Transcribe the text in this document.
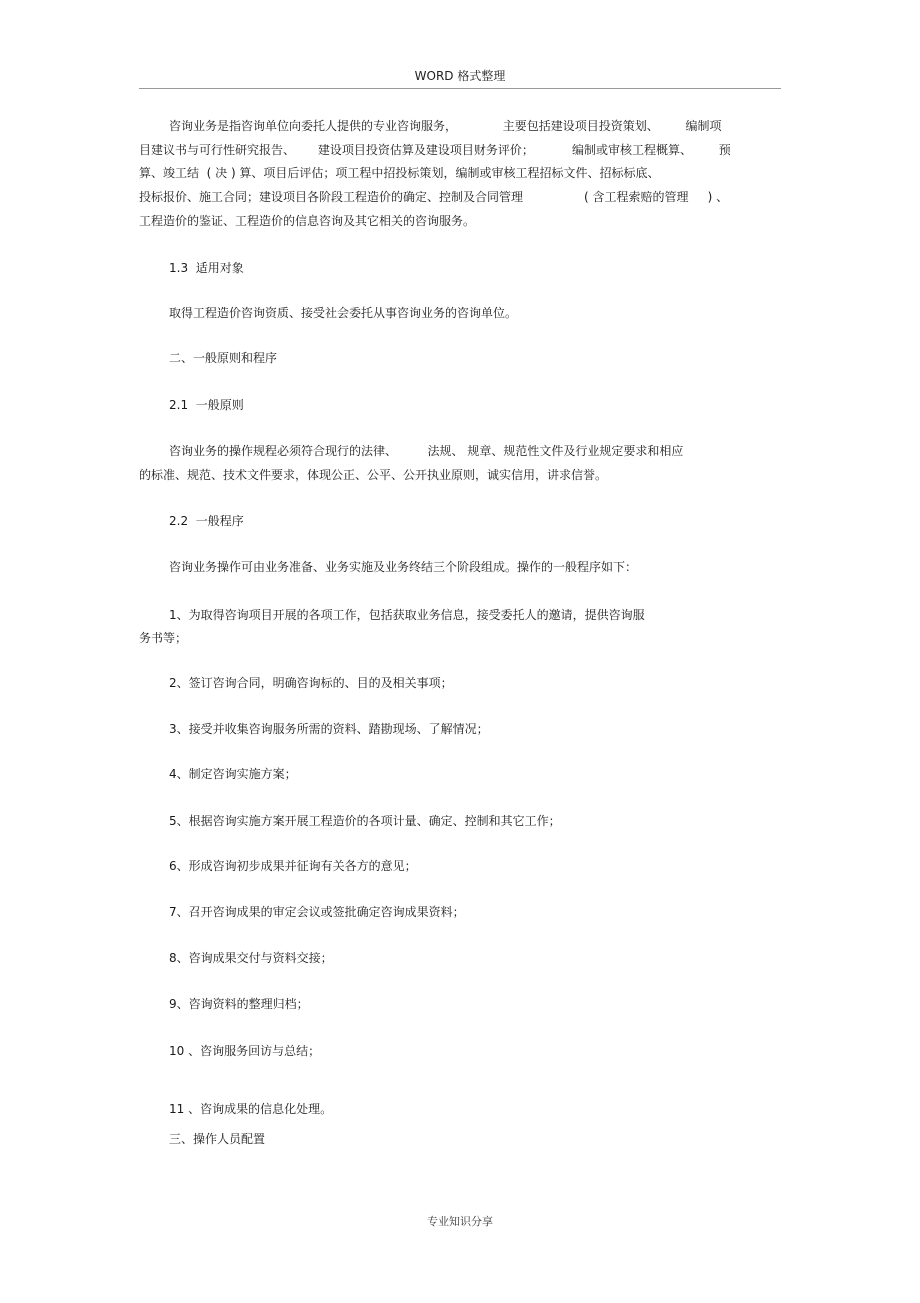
WORD 格式整理
咨询业务是指咨询单位向委托人提供的专业咨询服务，            主要包括建设项目投资策划、       编制项
目建议书与可行性研究报告、      建设项目投资估算及建设项目财务评价；          编制或审核工程概算、       预
算、竣工结  ( 决 ) 算、项目后评估；项工程中招投标策划，编制或审核工程招标文件、招标标底、
投标报价、施工合同；建设项目各阶段工程造价的确定、控制及合同管理                ( 含工程索赔的管理     ) 、
工程造价的鉴证、工程造价的信息咨询及其它相关的咨询服务。
1.3  适用对象
取得工程造价咨询资质、接受社会委托从事咨询业务的咨询单位。
二、一般原则和程序
2.1  一般原则
咨询业务的操作规程必须符合现行的法律、        法规、 规章、规范性文件及行业规定要求和相应
的标准、规范、技术文件要求，体现公正、公平、公开执业原则，诚实信用，讲求信誉。
2.2  一般程序
咨询业务操作可由业务准备、业务实施及业务终结三个阶段组成。操作的一般程序如下：
1、为取得咨询项目开展的各项工作，包括获取业务信息，接受委托人的邀请，提供咨询服
务书等；
2、签订咨询合同，明确咨询标的、目的及相关事项；
3、接受并收集咨询服务所需的资料、踏勘现场、了解情况；
4、制定咨询实施方案；
5、根据咨询实施方案开展工程造价的各项计量、确定、控制和其它工作；
6、形成咨询初步成果并征询有关各方的意见；
7、召开咨询成果的审定会议或签批确定咨询成果资料；
8、咨询成果交付与资料交接；
9、咨询资料的整理归档；
10 、咨询服务回访与总结；
11 、咨询成果的信息化处理。
三、操作人员配置
专业知识分享
